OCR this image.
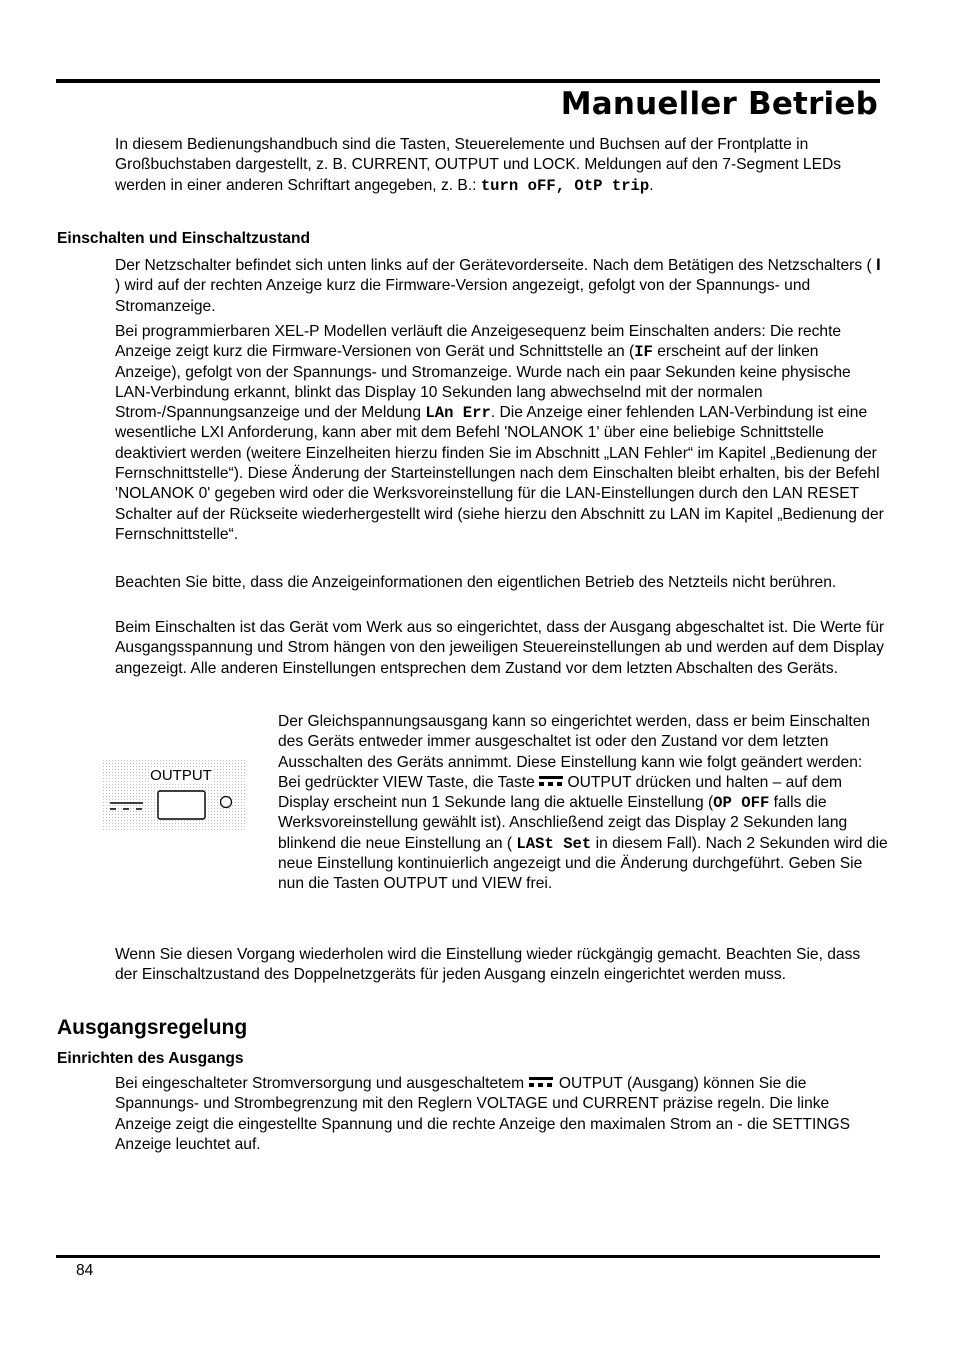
Manueller Betrieb

In diesem Bedienungshandbuch sind die Tasten, Steuerelemente und Buchsen auf der Frontplatte in Großbuchstaben dargestellt, z. B. CURRENT, OUTPUT und LOCK. Meldungen auf den 7-Segment LEDs werden in einer anderen Schriftart angegeben, z. B.: turn oFF, OtP trip.

Einschalten und Einschaltzustand

Der Netzschalter befindet sich unten links auf der Gerätevorderseite. Nach dem Betätigen des Netzschalters ( I ) wird auf der rechten Anzeige kurz die Firmware-Version angezeigt, gefolgt von der Spannungs- und Stromanzeige.

Bei programmierbaren XEL-P Modellen verläuft die Anzeigesequenz beim Einschalten anders: Die rechte Anzeige zeigt kurz die Firmware-Versionen von Gerät und Schnittstelle an (IF erscheint auf der linken Anzeige), gefolgt von der Spannungs- und Stromanzeige. Wurde nach ein paar Sekunden keine physische LAN-Verbindung erkannt, blinkt das Display 10 Sekunden lang abwechselnd mit der normalen Strom-/Spannungsanzeige und der Meldung LAn Err. Die Anzeige einer fehlenden LAN-Verbindung ist eine wesentliche LXI Anforderung, kann aber mit dem Befehl 'NOLANOK 1' über eine beliebige Schnittstelle deaktiviert werden (weitere Einzelheiten hierzu finden Sie im Abschnitt „LAN Fehler“ im Kapitel „Bedienung der Fernschnittstelle“). Diese Änderung der Starteinstellungen nach dem Einschalten bleibt erhalten, bis der Befehl 'NOLANOK 0' gegeben wird oder die Werksvoreinstellung für die LAN-Einstellungen durch den LAN RESET Schalter auf der Rückseite wiederhergestellt wird (siehe hierzu den Abschnitt zu LAN im Kapitel „Bedienung der Fernschnittstelle“.

Beachten Sie bitte, dass die Anzeigeinformationen den eigentlichen Betrieb des Netzteils nicht berühren.

Beim Einschalten ist das Gerät vom Werk aus so eingerichtet, dass der Ausgang abgeschaltet ist. Die Werte für Ausgangsspannung und Strom hängen von den jeweiligen Steuereinstellungen ab und werden auf dem Display angezeigt. Alle anderen Einstellungen entsprechen dem Zustand vor dem letzten Abschalten des Geräts.

OUTPUT

Der Gleichspannungsausgang kann so eingerichtet werden, dass er beim Einschalten des Geräts entweder immer ausgeschaltet ist oder den Zustand vor dem letzten Ausschalten des Geräts annimmt. Diese Einstellung kann wie folgt geändert werden: Bei gedrückter VIEW Taste, die Taste  OUTPUT drücken und halten – auf dem Display erscheint nun 1 Sekunde lang die aktuelle Einstellung (OP OFF falls die Werksvoreinstellung gewählt ist). Anschließend zeigt das Display 2 Sekunden lang blinkend die neue Einstellung an ( LASt Set in diesem Fall). Nach 2 Sekunden wird die neue Einstellung kontinuierlich angezeigt und die Änderung durchgeführt. Geben Sie nun die Tasten OUTPUT und VIEW frei.

Wenn Sie diesen Vorgang wiederholen wird die Einstellung wieder rückgängig gemacht. Beachten Sie, dass der Einschaltzustand des Doppelnetzgeräts für jeden Ausgang einzeln eingerichtet werden muss.

Ausgangsregelung
Einrichten des Ausgangs

Bei eingeschalteter Stromversorgung und ausgeschaltetem  OUTPUT (Ausgang) können Sie die Spannungs- und Strombegrenzung mit den Reglern VOLTAGE und CURRENT präzise regeln. Die linke Anzeige zeigt die eingestellte Spannung und die rechte Anzeige den maximalen Strom an - die SETTINGS Anzeige leuchtet auf.

84
